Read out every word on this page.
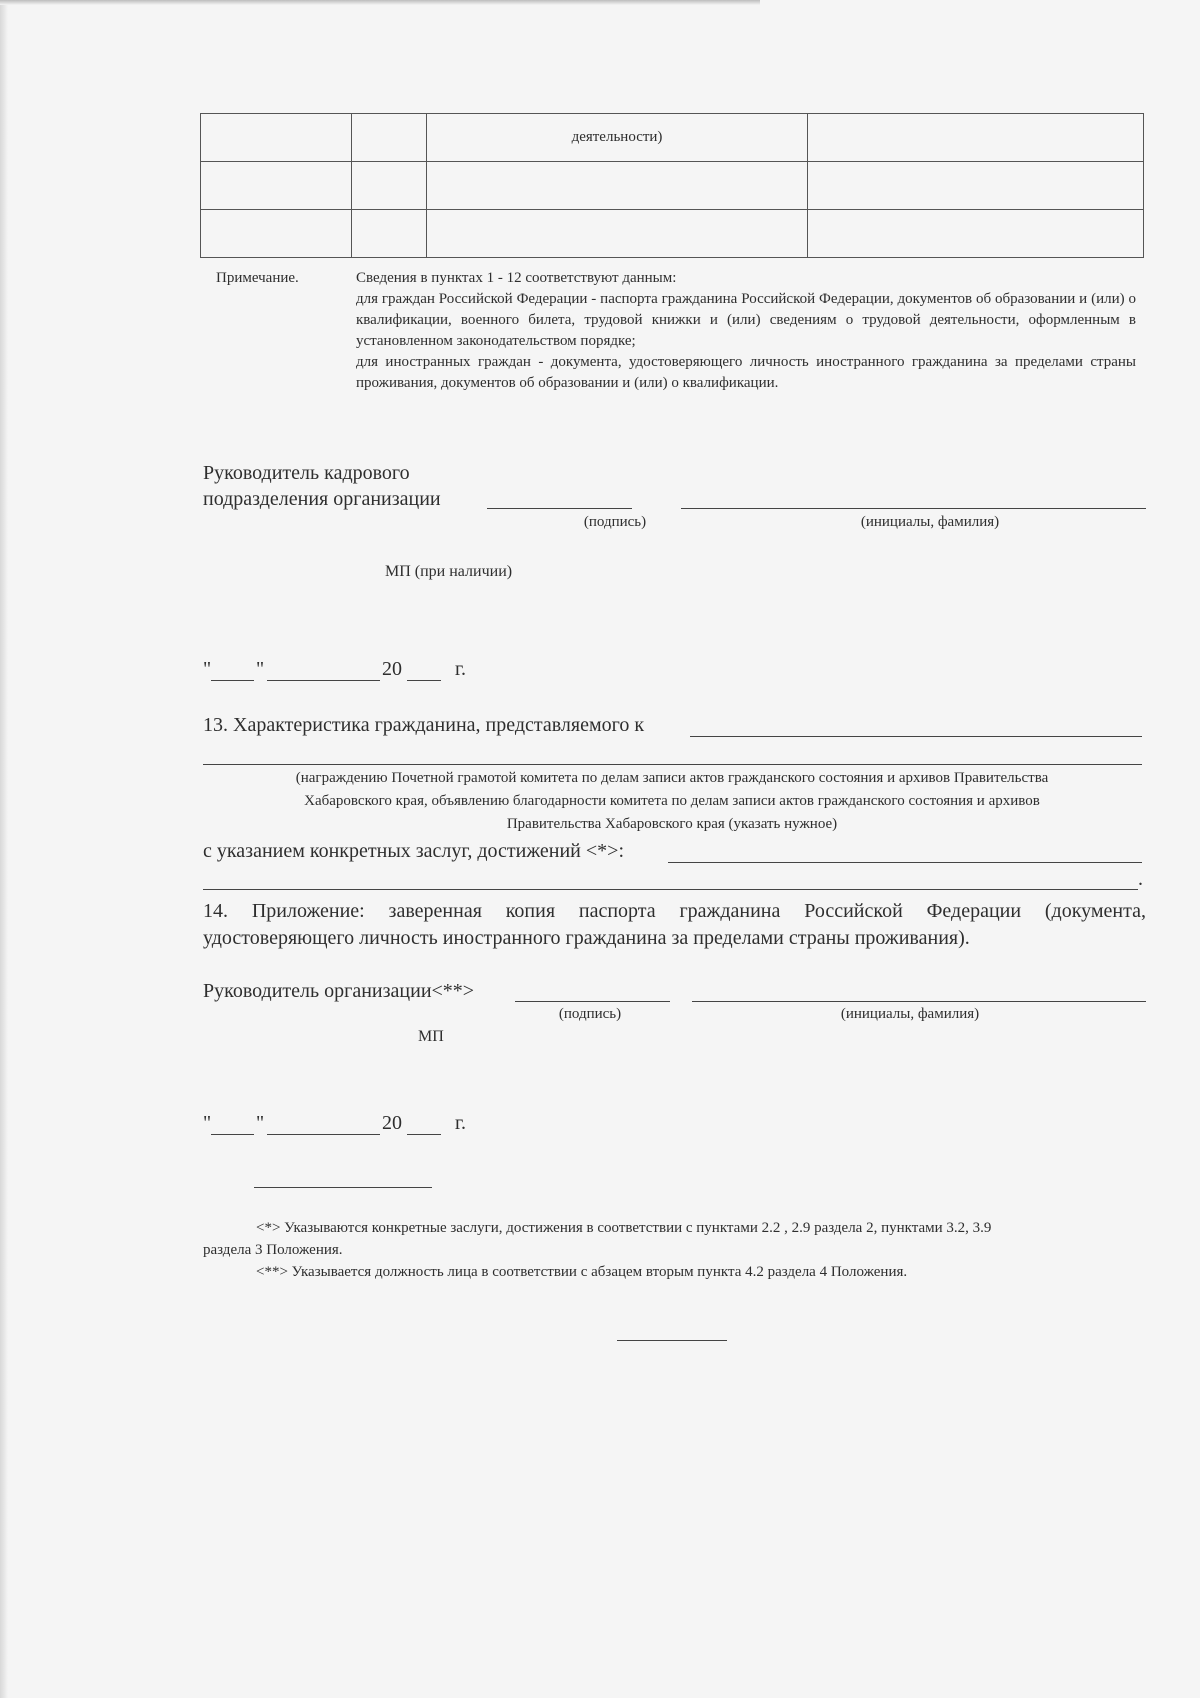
		деятельности)	

Примечание.	Сведения в пунктах 1 - 12 соответствуют данным:

для граждан Российской Федерации - паспорта гражданина Российской Федерации, документов об образовании и (или) о квалификации, военного билета, трудовой книжки и (или) сведениям о трудовой деятельности, оформленным в установленном законодательством порядке;

для иностранных граждан - документа, удостоверяющего личность иностранного гражданина за пределами страны проживания, документов об образовании и (или) о квалификации.

Руководитель кадрового
подразделения организации
(подпись)	(инициалы, фамилия)
МП (при наличии)
" "	20	г.
13. Характеристика гражданина, представляемого к
(награждению Почетной грамотой комитета по делам записи актов гражданского состояния и архивов Правительства
Хабаровского края, объявлению благодарности комитета по делам записи актов гражданского состояния и архивов
Правительства Хабаровского края (указать нужное)
с указанием конкретных заслуг, достижений <*>:
.
14. Приложение: заверенная копия паспорта гражданина Российской Федерации (документа,
удостоверяющего личность иностранного гражданина за пределами страны проживания).
Руководитель организации<**>
(подпись)	(инициалы, фамилия)
МП
" "	20	г.
<*> Указываются конкретные заслуги, достижения в соответствии с пунктами 2.2 , 2.9 раздела 2, пунктами 3.2, 3.9
раздела 3 Положения.
<**> Указывается должность лица в соответствии с абзацем вторым пункта 4.2 раздела 4 Положения.
